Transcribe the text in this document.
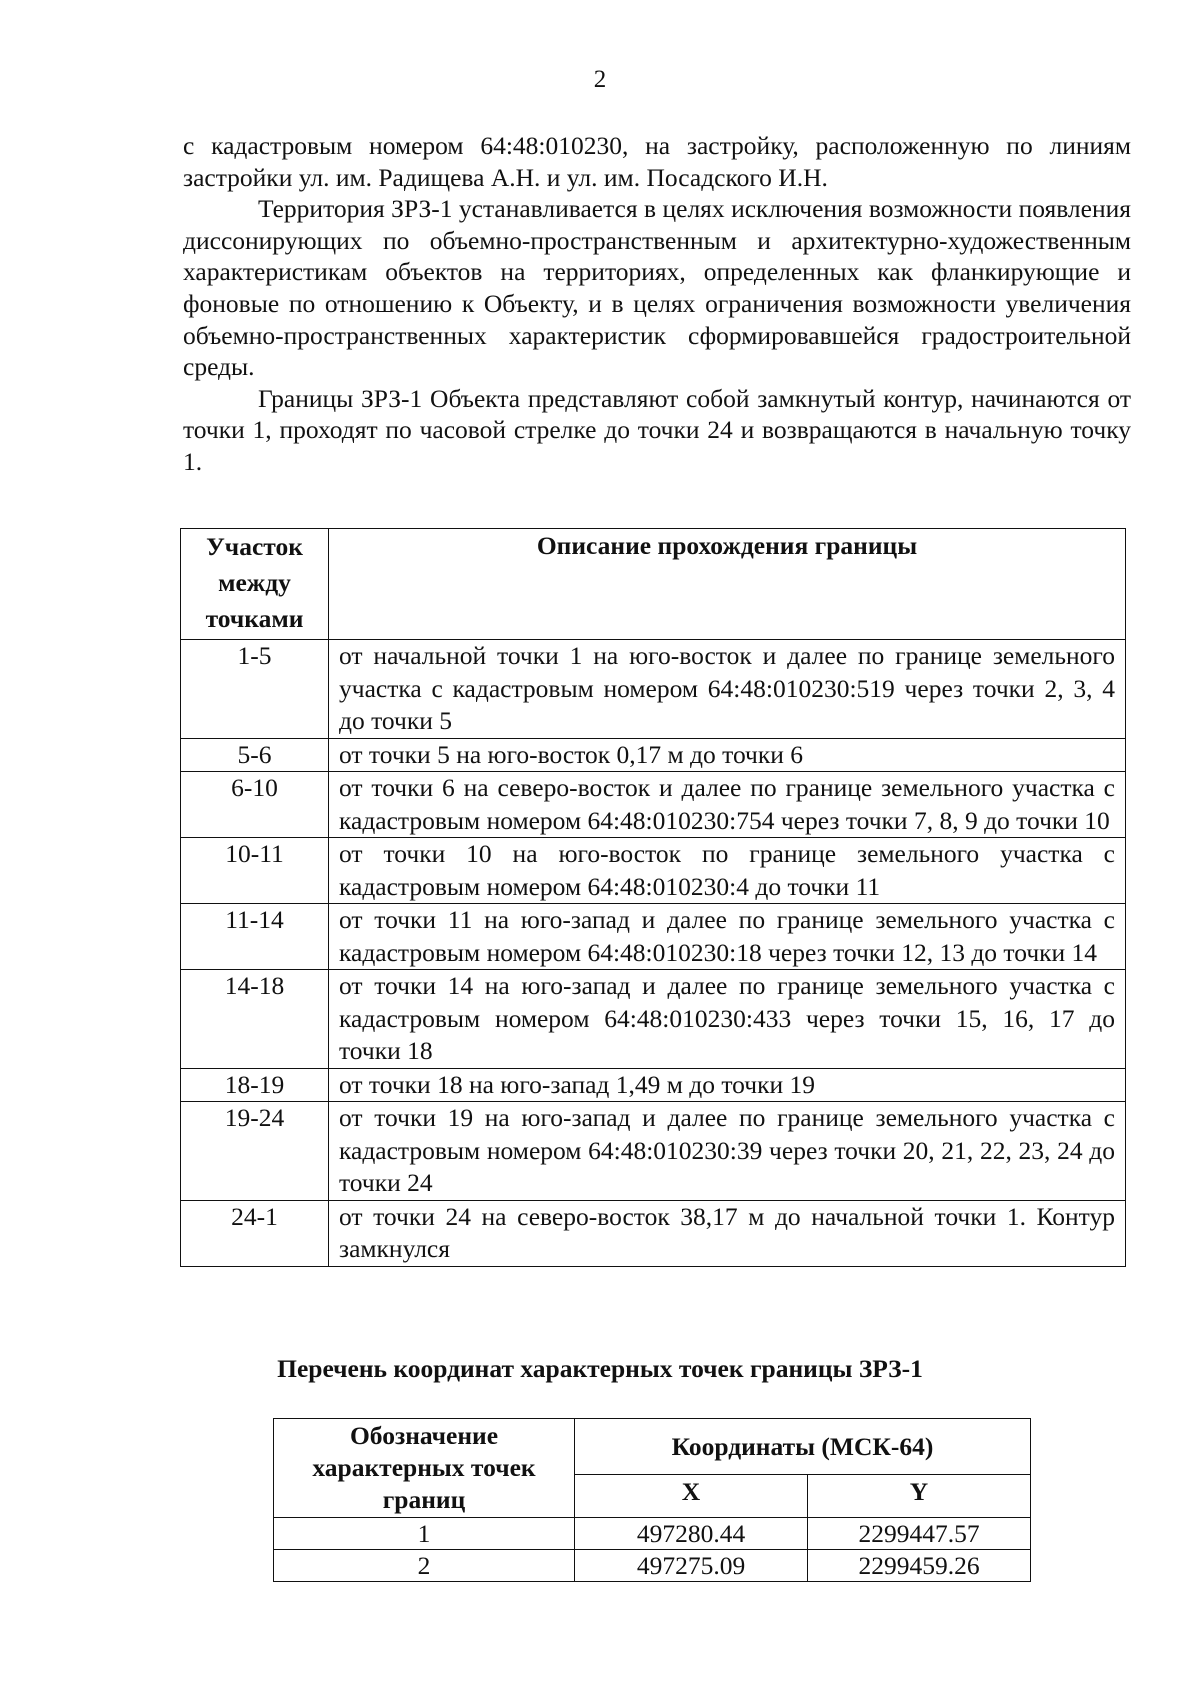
2

с кадастровым номером 64:48:010230, на застройку, расположенную по линиям застройки ул. им. Радищева А.Н. и ул. им. Посадского И.Н.

Территория ЗРЗ-1 устанавливается в целях исключения возможности появления диссонирующих по объемно-пространственным и архитектурно-художественным характеристикам объектов на территориях, определенных как фланкирующие и фоновые по отношению к Объекту, и в целях ограничения возможности увеличения объемно-пространственных характеристик сформировавшейся градостроительной среды.

Границы ЗРЗ-1 Объекта представляют собой замкнутый контур, начинаются от точки 1, проходят по часовой стрелке до точки 24 и возвращаются в начальную точку 1.

Участок
между
точками	Описание прохождения границы
1-5	от начальной точки 1 на юго-восток и далее по границе земельного участка с кадастровым номером 64:48:010230:519 через точки 2, 3, 4 до точки 5
5-6	от точки 5 на юго-восток 0,17 м до точки 6
6-10	от точки 6 на северо-восток и далее по границе земельного участка с кадастровым номером 64:48:010230:754 через точки 7, 8, 9 до точки 10
10-11	от точки 10 на юго-восток по границе земельного участка с кадастровым номером 64:48:010230:4 до точки 11
11-14	от точки 11 на юго-запад и далее по границе земельного участка с кадастровым номером 64:48:010230:18 через точки 12, 13 до точки 14
14-18	от точки 14 на юго-запад и далее по границе земельного участка с кадастровым номером 64:48:010230:433 через точки 15, 16, 17 до точки 18
18-19	от точки 18 на юго-запад 1,49 м до точки 19
19-24	от точки 19 на юго-запад и далее по границе земельного участка с кадастровым номером 64:48:010230:39 через точки 20, 21, 22, 23, 24 до точки 24
24-1	от точки 24 на северо-восток 38,17 м до начальной точки 1. Контур замкнулся
Перечень координат характерных точек границы ЗРЗ-1
Обозначение
характерных точек
границ	Координаты (МСК-64)	
	X	Y
1	497280.44	2299447.57
2	497275.09	2299459.26
